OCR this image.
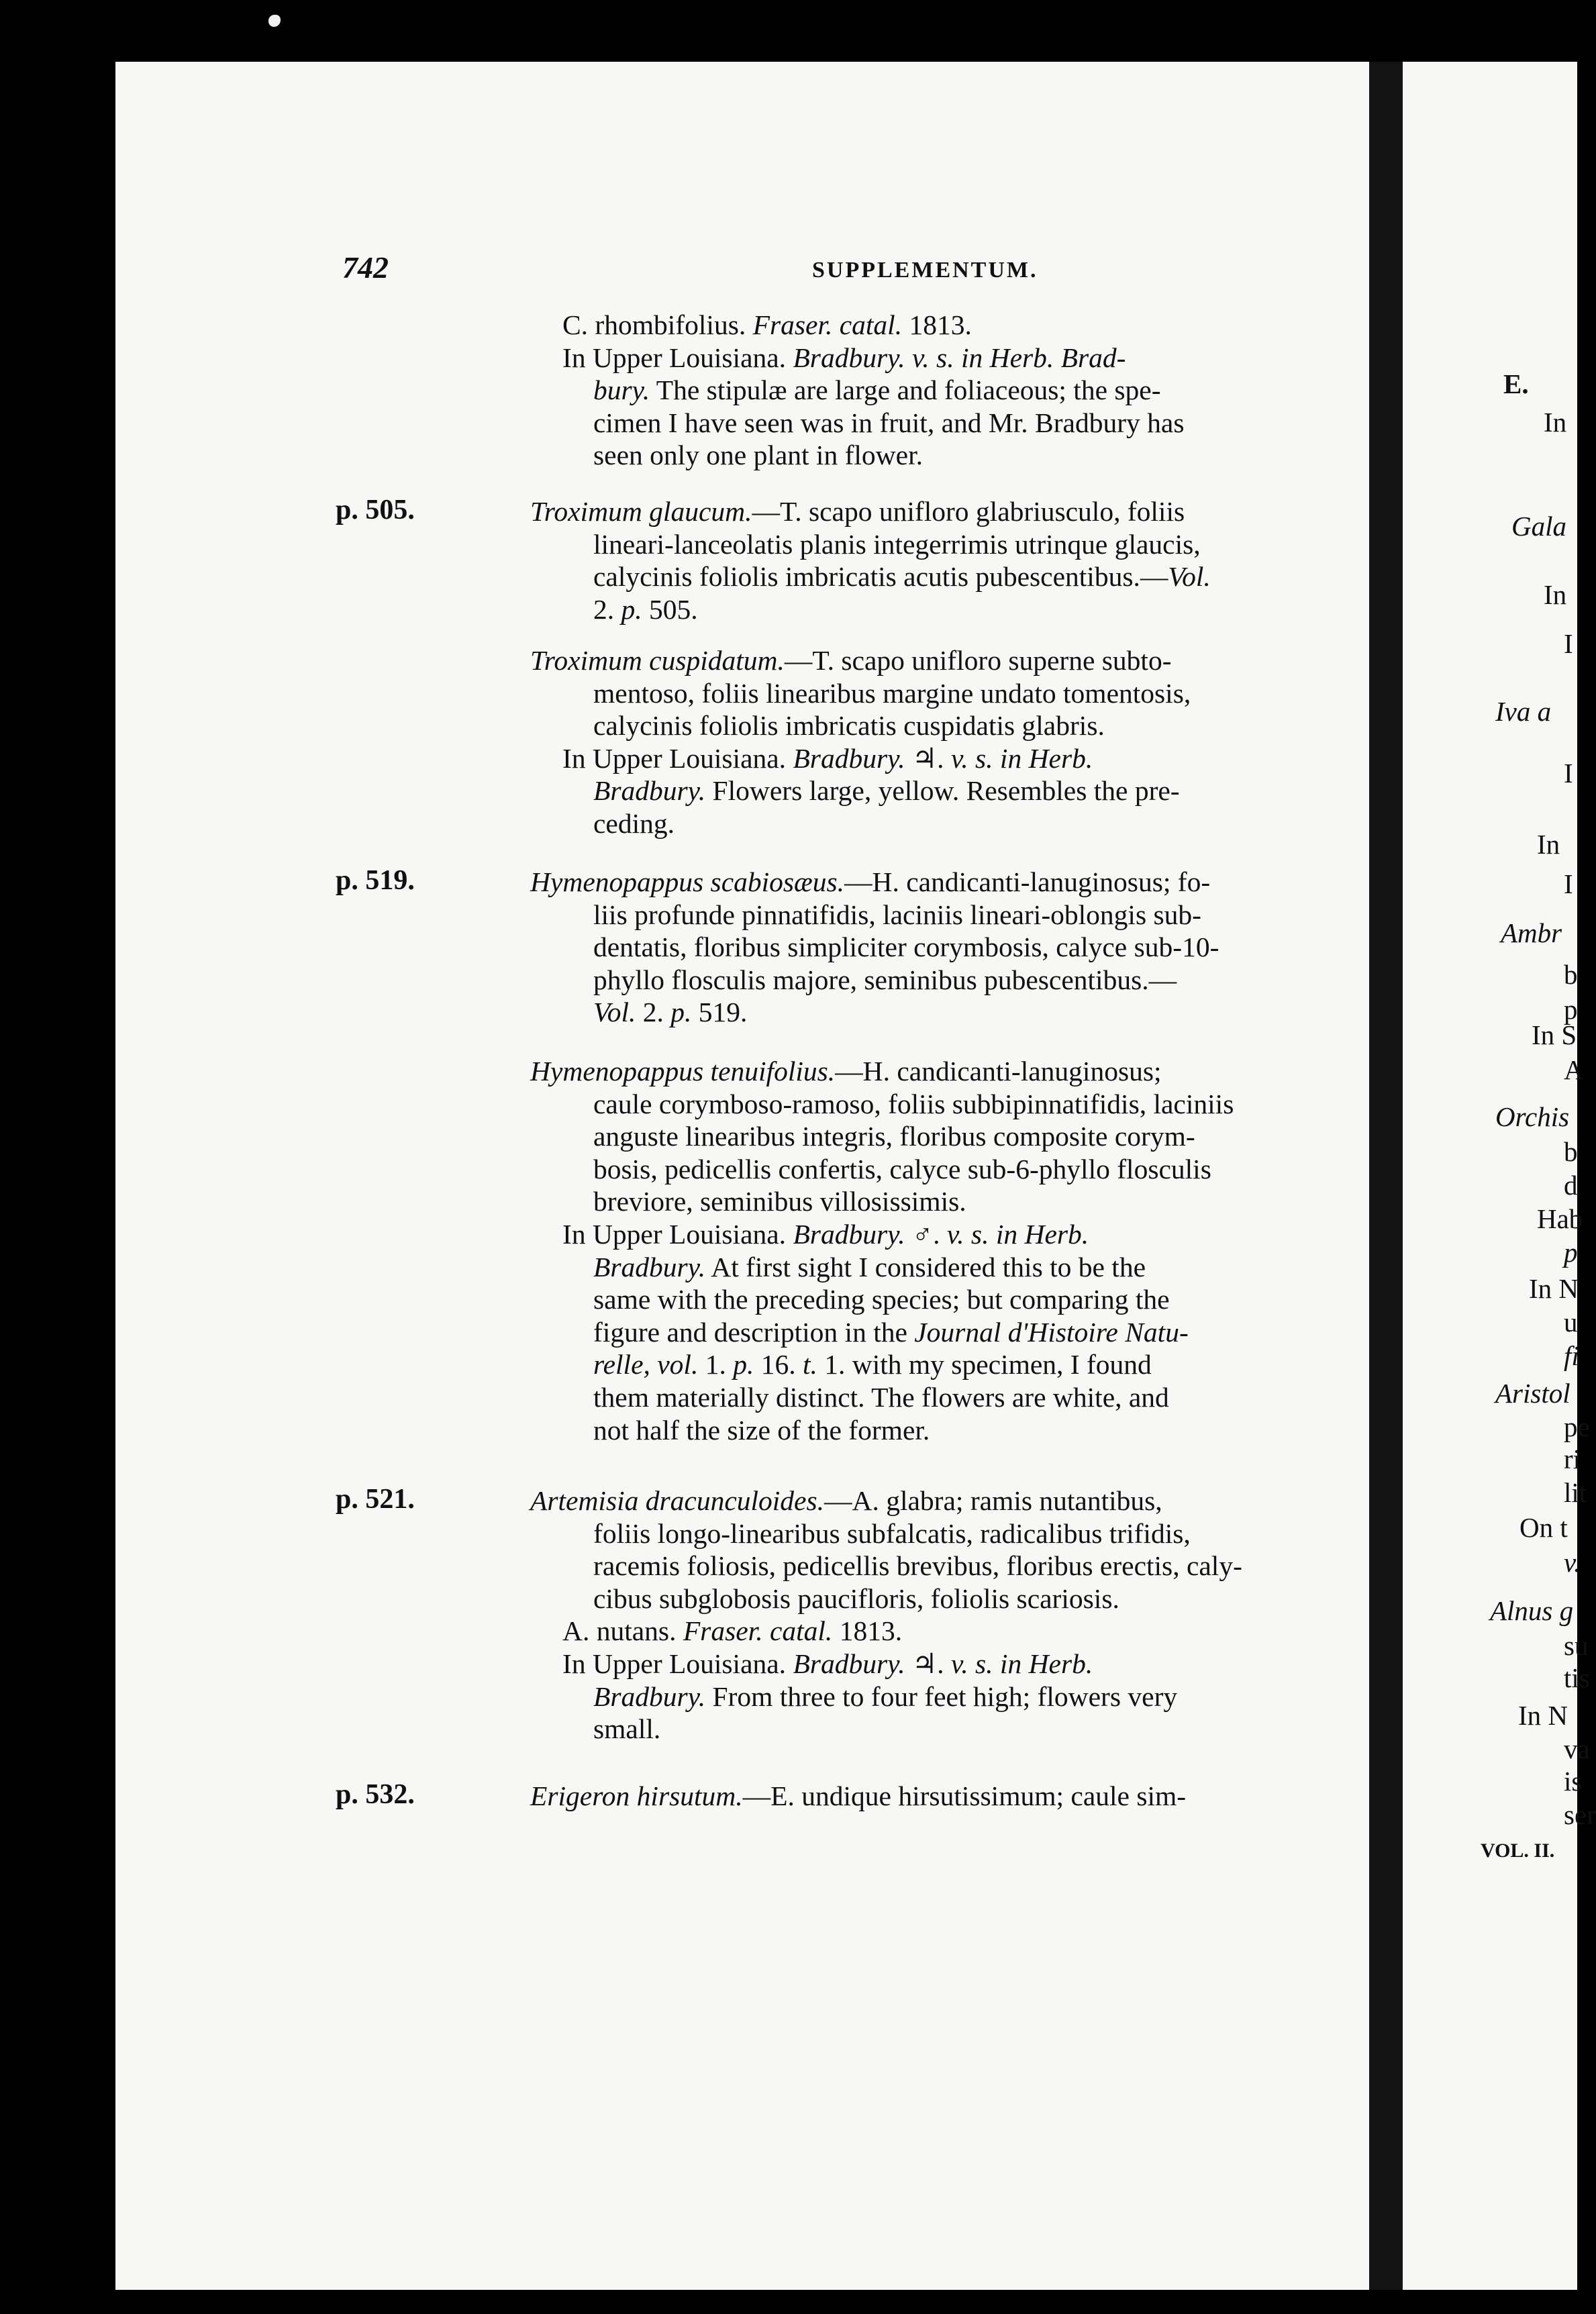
742	SUPPLEMENTUM.
C. rhombifolius. Fraser. catal. 1813.
In Upper Louisiana. Bradbury. v. s. in Herb. Brad-
bury. The stipulæ are large and foliaceous; the spe-
cimen I have seen was in fruit, and Mr. Bradbury has
seen only one plant in flower.
p. 505.	Troximum glaucum.—T. scapo unifloro glabriusculo, foliis
lineari-lanceolatis planis integerrimis utrinque glaucis,
calycinis foliolis imbricatis acutis pubescentibus.—Vol.
2. p. 505.
Troximum cuspidatum.—T. scapo unifloro superne subto-
mentoso, foliis linearibus margine undato tomentosis,
calycinis foliolis imbricatis cuspidatis glabris.
In Upper Louisiana. Bradbury. ♃. v. s. in Herb.
Bradbury. Flowers large, yellow. Resembles the pre-
ceding.
p. 519.	Hymenopappus scabiosæus.—H. candicanti-lanuginosus; fo-
liis profunde pinnatifidis, laciniis lineari-oblongis sub-
dentatis, floribus simpliciter corymbosis, calyce sub-10-
phyllo flosculis majore, seminibus pubescentibus.—
Vol. 2. p. 519.
Hymenopappus tenuifolius.—H. candicanti-lanuginosus;
caule corymboso-ramoso, foliis subbipinnatifidis, laciniis
anguste linearibus integris, floribus composite corym-
bosis, pedicellis confertis, calyce sub-6-phyllo flosculis
breviore, seminibus villosissimis.
In Upper Louisiana. Bradbury. ♂. v. s. in Herb.
Bradbury. At first sight I considered this to be the
same with the preceding species; but comparing the
figure and description in the Journal d'Histoire Natu-
relle, vol. 1. p. 16. t. 1. with my specimen, I found
them materially distinct. The flowers are white, and
not half the size of the former.
p. 521.	Artemisia dracunculoides.—A. glabra; ramis nutantibus,
foliis longo-linearibus subfalcatis, radicalibus trifidis,
racemis foliosis, pedicellis brevibus, floribus erectis, caly-
cibus subglobosis paucifloris, foliolis scariosis.
A. nutans. Fraser. catal. 1813.
In Upper Louisiana. Bradbury. ♃. v. s. in Herb.
Bradbury. From three to four feet high; flowers very
small.
p. 532.	Erigeron hirsutum.—E. undique hirsutissimum; caule sim-
E.
In
Gala
In
I
Iva a
I
In
I
Ambr
b
p
In S
A
Orchis
b
d
Hab
p
In N
u
fi
Aristol
pe
ri
lit
On t
v.
Alnus g
su
tis
In N
va
is
ser
VOL. II.
